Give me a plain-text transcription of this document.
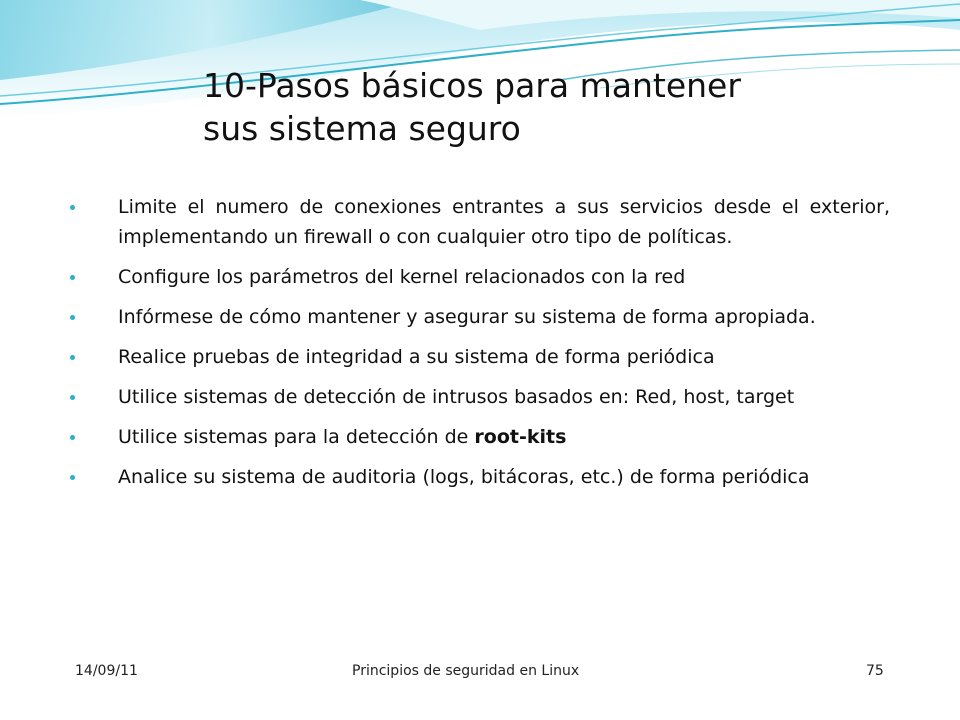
10-Pasos básicos para mantener
sus sistema seguro
Limite el numero de conexiones entrantes a sus servicios desde el exterior, implementando un firewall o con cualquier otro tipo de políticas.
Configure los parámetros del kernel relacionados con la red
Infórmese de cómo mantener y asegurar su sistema de forma apropiada.
Realice pruebas de integridad a su sistema de forma periódica
Utilice sistemas de detección de intrusos basados en: Red, host, target
Utilice sistemas para la detección de root-kits
Analice su sistema de auditoria (logs, bitácoras, etc.) de forma periódica
14/09/11	Principios de seguridad en Linux	75
